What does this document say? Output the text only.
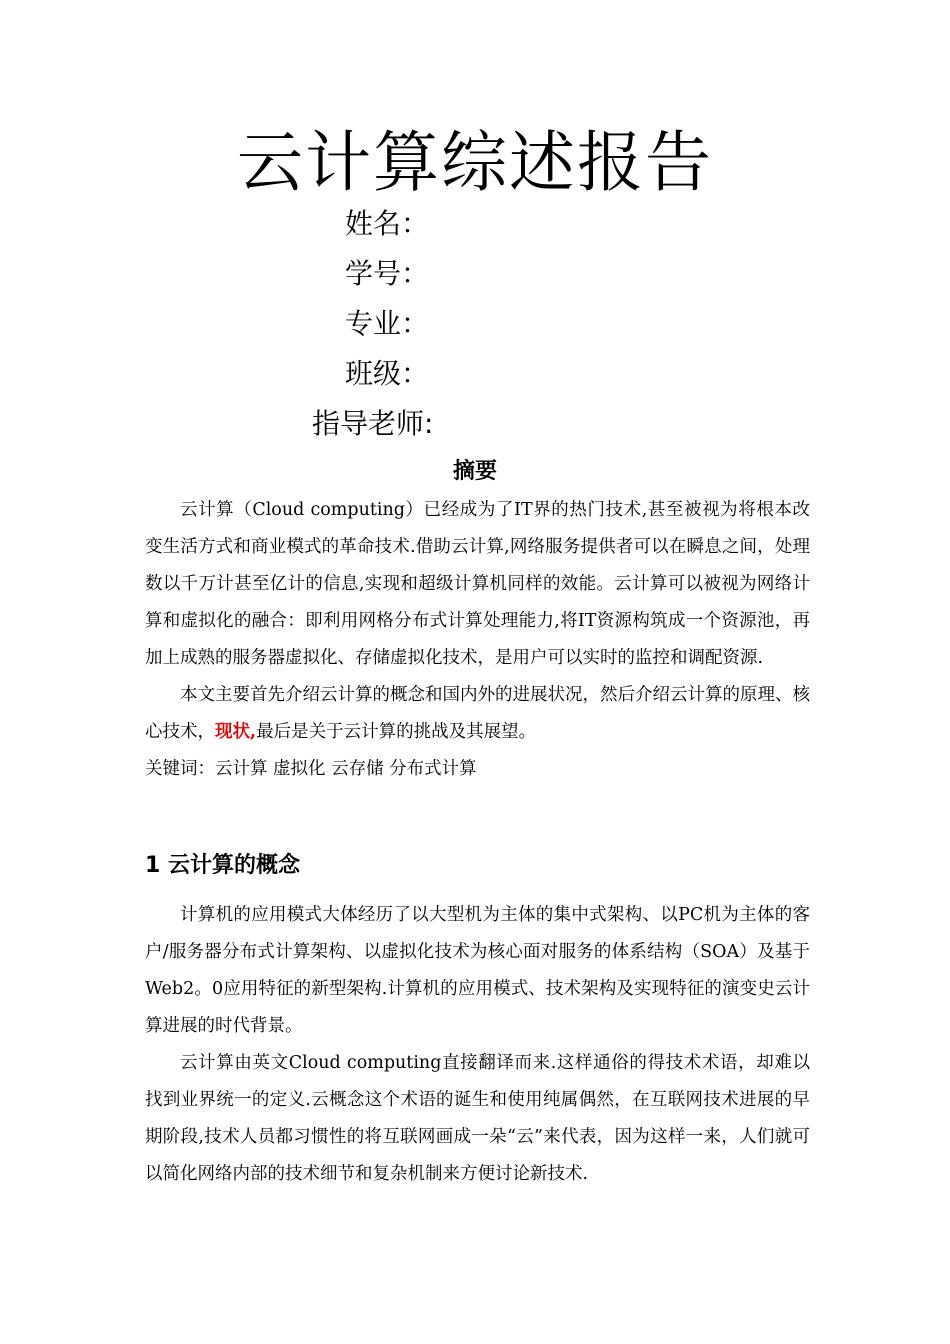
云计算综述报告
姓名：
学号：
专业：
班级：
指导老师:
摘要

云计算（Cloud computing）已经成为了IT界的热门技术,甚至被视为将根本改变生活方式和商业模式的革命技术.借助云计算,网络服务提供者可以在瞬息之间，处理数以千万计甚至亿计的信息,实现和超级计算机同样的效能。云计算可以被视为网络计算和虚拟化的融合：即利用网格分布式计算处理能力,将IT资源构筑成一个资源池，再加上成熟的服务器虚拟化、存储虚拟化技术，是用户可以实时的监控和调配资源.

本文主要首先介绍云计算的概念和国内外的进展状况，然后介绍云计算的原理、核心技术，现状,最后是关于云计算的挑战及其展望。

关键词：云计算 虚拟化 云存储 分布式计算

1 云计算的概念

计算机的应用模式大体经历了以大型机为主体的集中式架构、以PC机为主体的客户/服务器分布式计算架构、以虚拟化技术为核心面对服务的体系结构（SOA）及基于Web2。0应用特征的新型架构.计算机的应用模式、技术架构及实现特征的演变史云计算进展的时代背景。

云计算由英文Cloud computing直接翻译而来.这样通俗的得技术术语，却难以找到业界统一的定义.云概念这个术语的诞生和使用纯属偶然，在互联网技术进展的早期阶段,技术人员都习惯性的将互联网画成一朵“云”来代表，因为这样一来，人们就可以简化网络内部的技术细节和复杂机制来方便讨论新技术.
